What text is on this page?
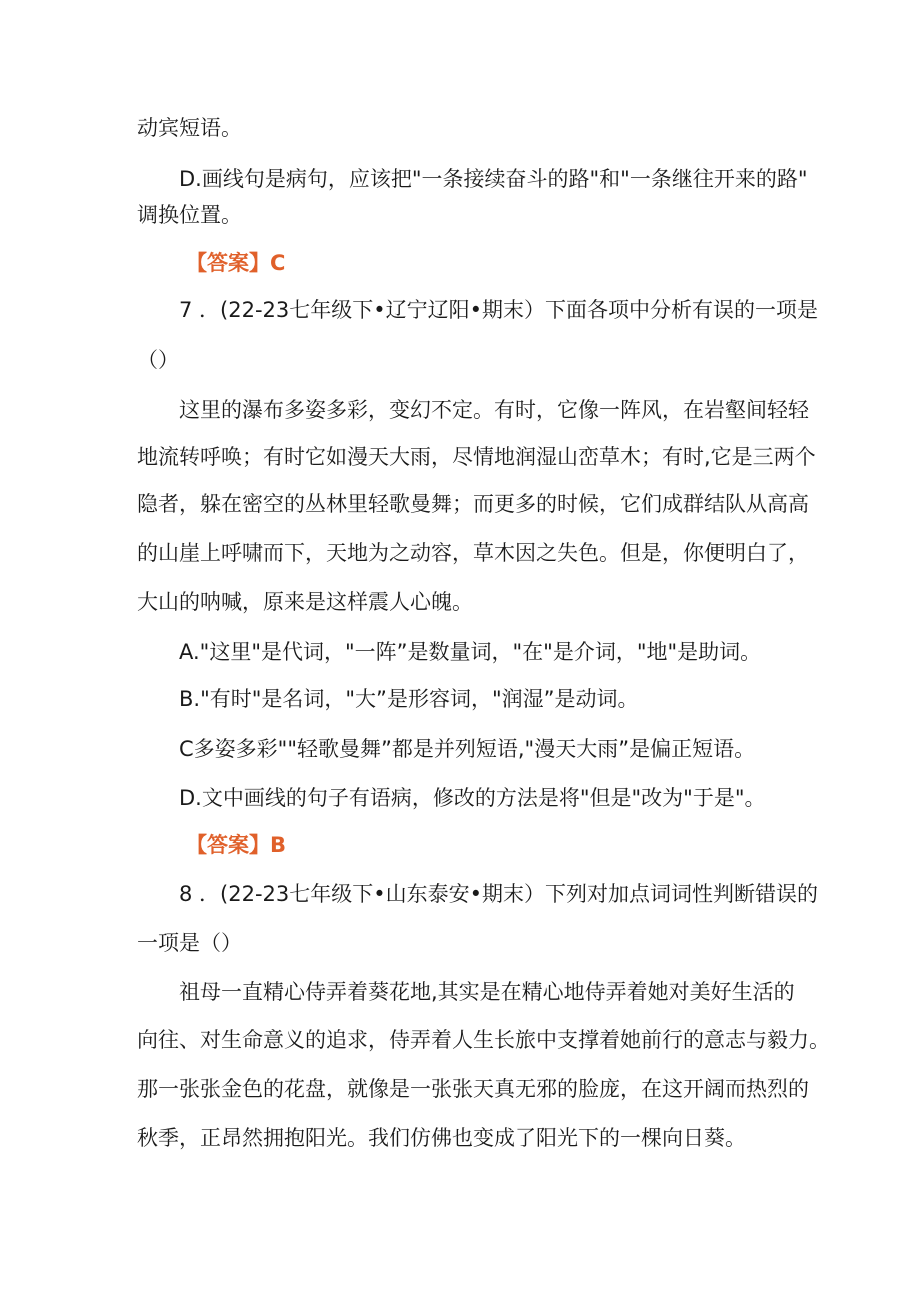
动宾短语。
D.画线句是病句，应该把"一条接续奋斗的路"和"一条继往开来的路"
调换位置。
【答案】C
7 ．(22-23七年级下•辽宁辽阳•期末）下面各项中分析有误的一项是
（）
这里的瀑布多姿多彩，变幻不定。有时，它像一阵风，在岩壑间轻轻
地流转呼唤；有时它如漫天大雨，尽情地润湿山峦草木；有时,它是三两个
隐者，躲在密空的丛林里轻歌曼舞；而更多的时候，它们成群结队从高高
的山崖上呼啸而下，天地为之动容，草木因之失色。但是，你便明白了，
大山的呐喊，原来是这样震人心魄。
A."这里"是代词，"一阵”是数量词，"在"是介词，"地"是助词。
B."有时"是名词，"大”是形容词，"润湿”是动词。
C多姿多彩""轻歌曼舞”都是并列短语,"漫天大雨”是偏正短语。
D.文中画线的句子有语病，修改的方法是将"但是"改为"于是"。
【答案】B
8 ．(22-23七年级下•山东泰安•期末）下列对加点词词性判断错误的
一项是（）
祖母一直精心侍弄着葵花地,其实是在精心地侍弄着她对美好生活的
向往、对生命意义的追求，侍弄着人生长旅中支撑着她前行的意志与毅力。
那一张张金色的花盘，就像是一张张天真无邪的脸庞，在这开阔而热烈的
秋季，正昂然拥抱阳光。我们仿佛也变成了阳光下的一棵向日葵。
